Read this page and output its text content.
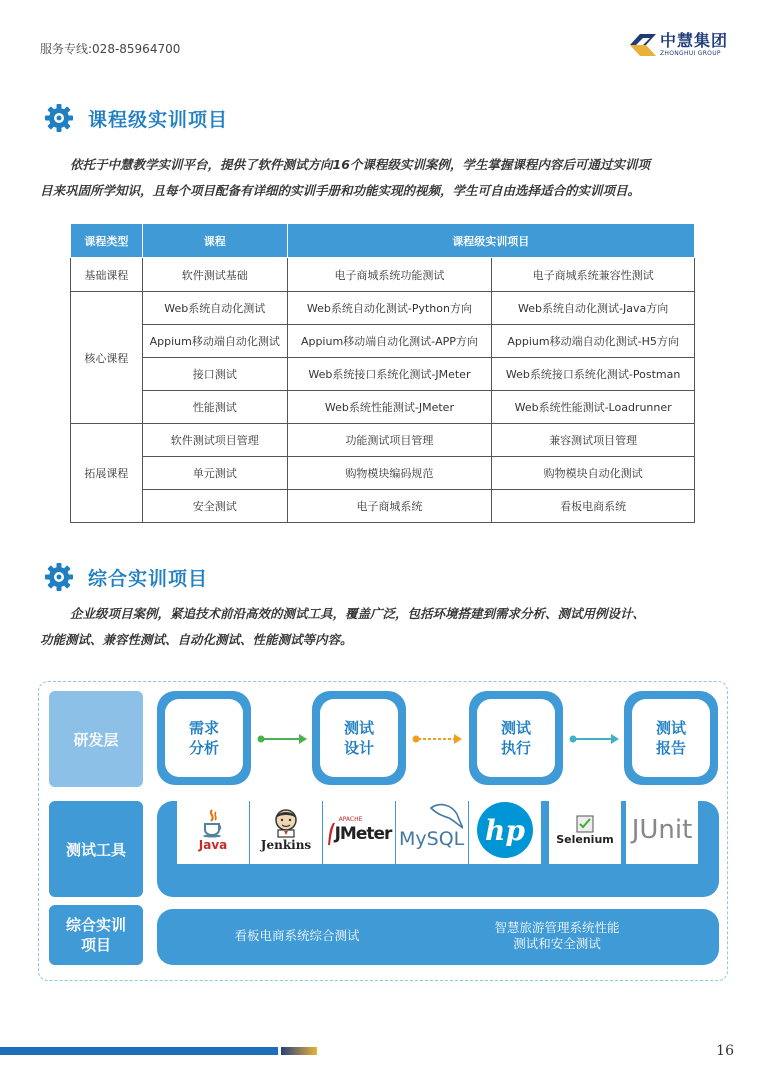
服务专线:028-85964700	中慧集团
ZHONGHUI GROUP
课程级实训项目

依托于中慧教学实训平台，提供了软件测试方向16个课程级实训案例，学生掌握课程内容后可通过实训项

目来巩固所学知识，且每个项目配备有详细的实训手册和功能实现的视频，学生可自由选择适合的实训项目。

课程类型	课程	课程级实训项目	
基础课程	软件测试基础	电子商城系统功能测试	电子商城系统兼容性测试
核心课程	Web系统自动化测试	Web系统自动化测试-Python方向	Web系统自动化测试-Java方向
	Appium移动端自动化测试	Appium移动端自动化测试-APP方向	Appium移动端自动化测试-H5方向
	接口测试	Web系统接口系统化测试-JMeter	Web系统接口系统化测试-Postman
	性能测试	Web系统性能测试-JMeter	Web系统性能测试-Loadrunner
拓展课程	软件测试项目管理	功能测试项目管理	兼容测试项目管理
	单元测试	购物模块编码规范	购物模块自动化测试
	安全测试	电子商城系统	看板电商系统
综合实训项目

企业级项目案例，紧追技术前沿高效的测试工具，覆盖广泛，包括环境搭建到需求分析、测试用例设计、

功能测试、兼容性测试、自动化测试、性能测试等内容。

研发层
测试工具
综合实训
项目
需求
分析
测试
设计
测试
执行
测试
报告
Java	Jenkins
APACHE
JMeter MySQL hp	Selenium JUnit
看板电商系统综合测试
智慧旅游管理系统性能
测试和安全测试
16
